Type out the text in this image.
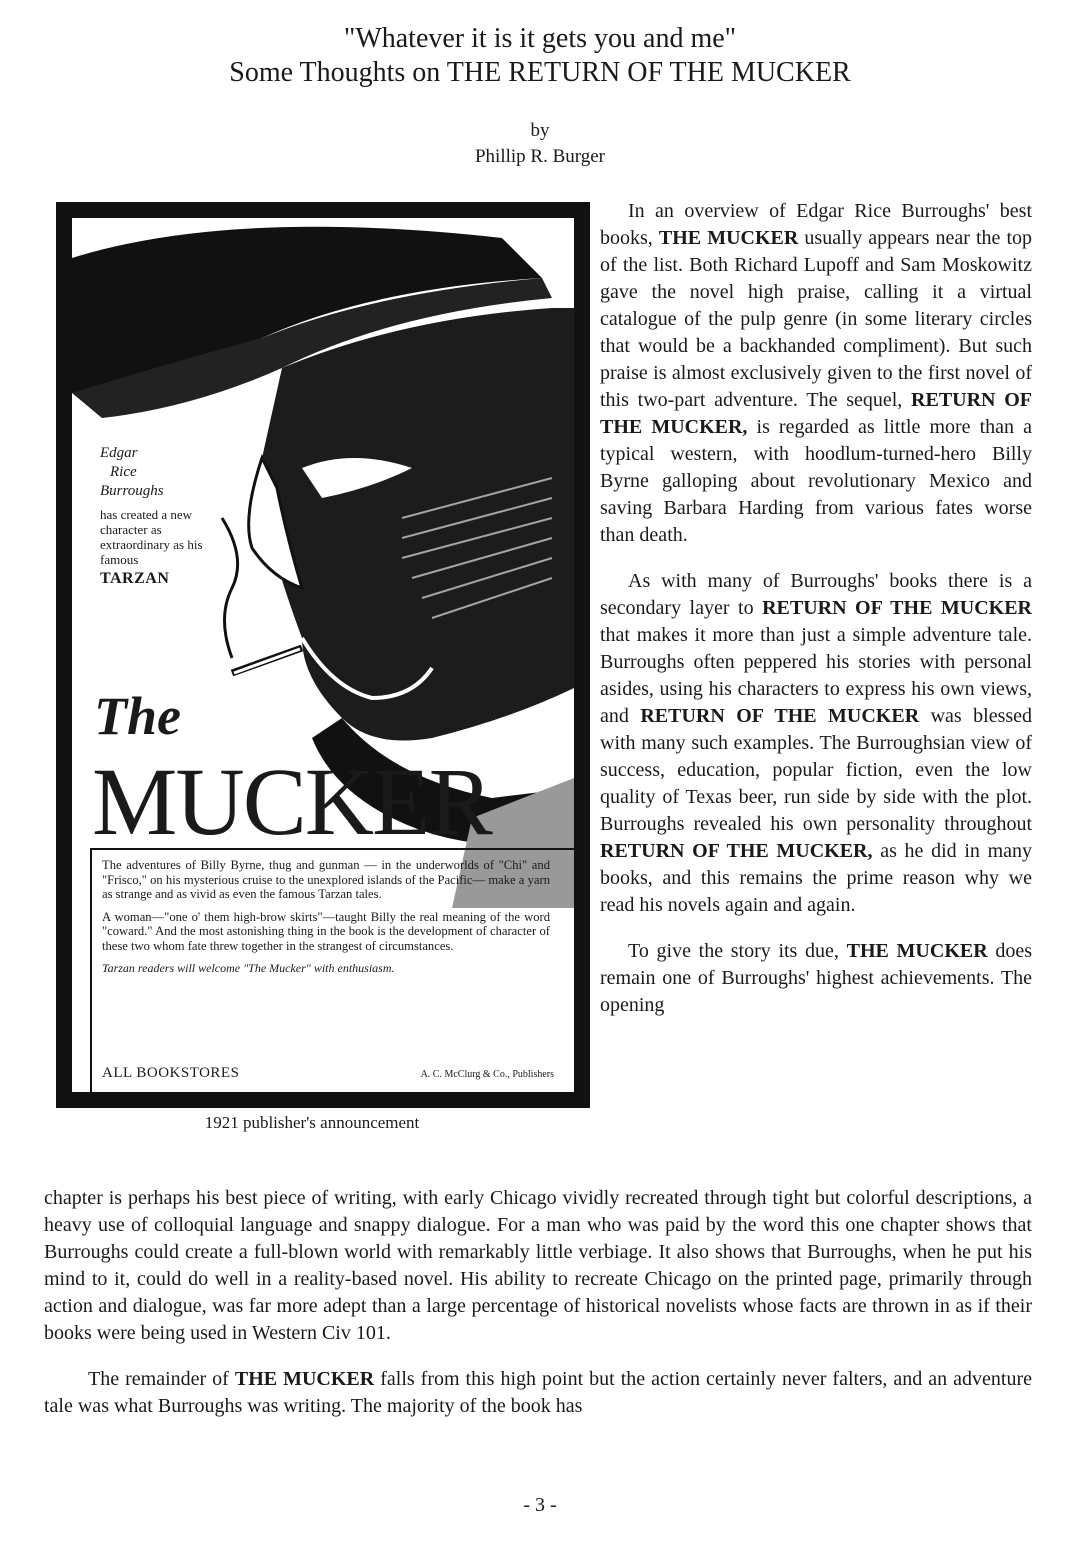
"Whatever it is it gets you and me"
Some Thoughts on THE RETURN OF THE MUCKER
by
Phillip R. Burger
Edgar
Rice
Burroughs
has created a new character as extraordinary as his famous
TARZAN
The
MUCKER

The adventures of Billy Byrne, thug and gunman — in the underworlds of "Chi" and "Frisco," on his mysterious cruise to the unexplored islands of the Pacific— make a yarn as strange and as vivid as even the famous Tarzan tales.

A woman—"one o' them high-brow skirts"—taught Billy the real meaning of the word "coward." And the most astonishing thing in the book is the development of character of these two whom fate threw together in the strangest of circumstances.

Tarzan readers will welcome "The Mucker" with enthusiasm.
ALL BOOKSTORES	A. C. McClurg & Co., Publishers
1921 publisher's announcement

In an overview of Edgar Rice Burroughs' best books, THE MUCKER usually appears near the top of the list. Both Richard Lupoff and Sam Moskowitz gave the novel high praise, calling it a virtual catalogue of the pulp genre (in some literary circles that would be a backhanded compliment). But such praise is almost exclusively given to the first novel of this two-part adventure. The sequel, RETURN OF THE MUCKER, is regarded as little more than a typical western, with hoodlum-turned-hero Billy Byrne galloping about revolutionary Mexico and saving Barbara Harding from various fates worse than death.

As with many of Burroughs' books there is a secondary layer to RETURN OF THE MUCKER that makes it more than just a simple adventure tale. Burroughs often peppered his stories with personal asides, using his characters to express his own views, and RETURN OF THE MUCKER was blessed with many such examples. The Burroughsian view of success, education, popular fiction, even the low quality of Texas beer, run side by side with the plot. Burroughs revealed his own personality throughout RETURN OF THE MUCKER, as he did in many books, and this remains the prime reason why we read his novels again and again.

To give the story its due, THE MUCKER does remain one of Burroughs' highest achievements. The opening

chapter is perhaps his best piece of writing, with early Chicago vividly recreated through tight but colorful descriptions, a heavy use of colloquial language and snappy dialogue. For a man who was paid by the word this one chapter shows that Burroughs could create a full-blown world with remarkably little verbiage. It also shows that Burroughs, when he put his mind to it, could do well in a reality-based novel. His ability to recreate Chicago on the printed page, primarily through action and dialogue, was far more adept than a large percentage of historical novelists whose facts are thrown in as if their books were being used in Western Civ 101.

The remainder of THE MUCKER falls from this high point but the action certainly never falters, and an adventure tale was what Burroughs was writing. The majority of the book has

- 3 -
